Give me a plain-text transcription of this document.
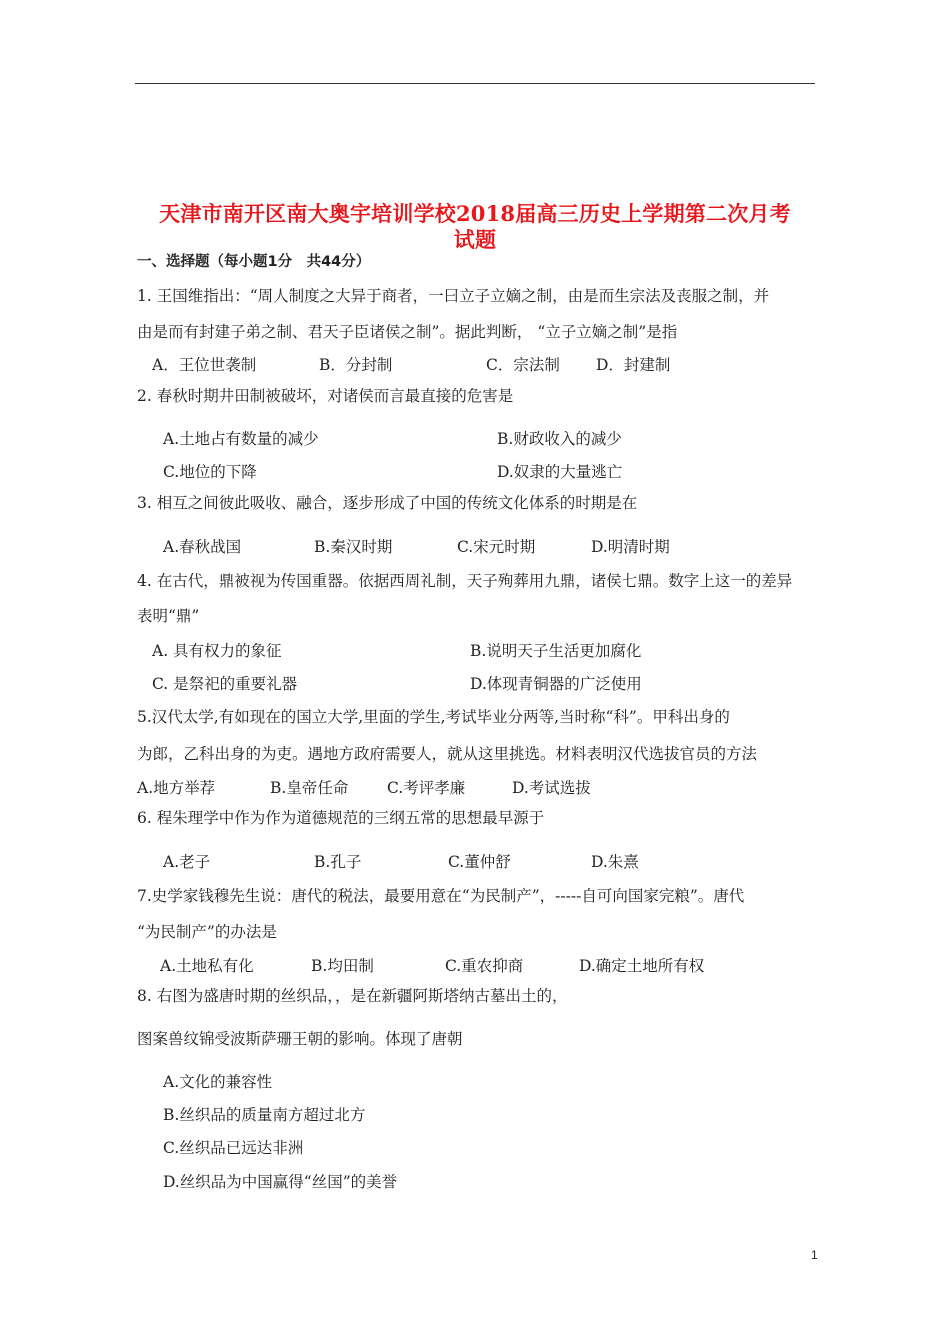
天津市南开区南大奥宇培训学校2018届高三历史上学期第二次月考
试题
一、选择题（每小题1分　共44分）
1. 王国维指出：“周人制度之大异于商者，一曰立子立嫡之制，由是而生宗法及丧服之制，并
由是而有封建子弟之制、君天子臣诸侯之制”。据此判断， “立子立嫡之制”是指
A．王位世袭制	B．分封制	C．宗法制 D．封建制
2. 春秋时期井田制被破坏，对诸侯而言最直接的危害是
A.土地占有数量的减少	B.财政收入的减少
C.地位的下降	D.奴隶的大量逃亡
3. 相互之间彼此吸收、融合，逐步形成了中国的传统文化体系的时期是在
A.春秋战国	B.秦汉时期	C.宋元时期	D.明清时期
4. 在古代，鼎被视为传国重器。依据西周礼制，天子殉葬用九鼎，诸侯七鼎。数字上这一的差异
表明“鼎”
A. 具有权力的象征	B.说明天子生活更加腐化
C. 是祭祀的重要礼器	D.体现青铜器的广泛使用
5.汉代太学,有如现在的国立大学,里面的学生,考试毕业分两等,当时称“科”。甲科出身的
为郎，乙科出身的为吏。遇地方政府需要人，就从这里挑选。材料表明汉代选拔官员的方法
A.地方举荐	B.皇帝任命 C.考评孝廉	D.考试选拔
6. 程朱理学中作为作为道德规范的三纲五常的思想最早源于
A.老子	B.孔子	C.董仲舒	D.朱熹
7.史学家钱穆先生说：唐代的税法，最要用意在“为民制产”，-----自可向国家完粮”。唐代
“为民制产”的办法是
A.土地私有化	B.均田制	C.重农抑商	D.确定土地所有权
8. 右图为盛唐时期的丝织品，，是在新疆阿斯塔纳古墓出土的，
图案兽纹锦受波斯萨珊王朝的影响。体现了唐朝
A.文化的兼容性
B.丝织品的质量南方超过北方
C.丝织品已远达非洲
D.丝织品为中国赢得“丝国”的美誉
1
